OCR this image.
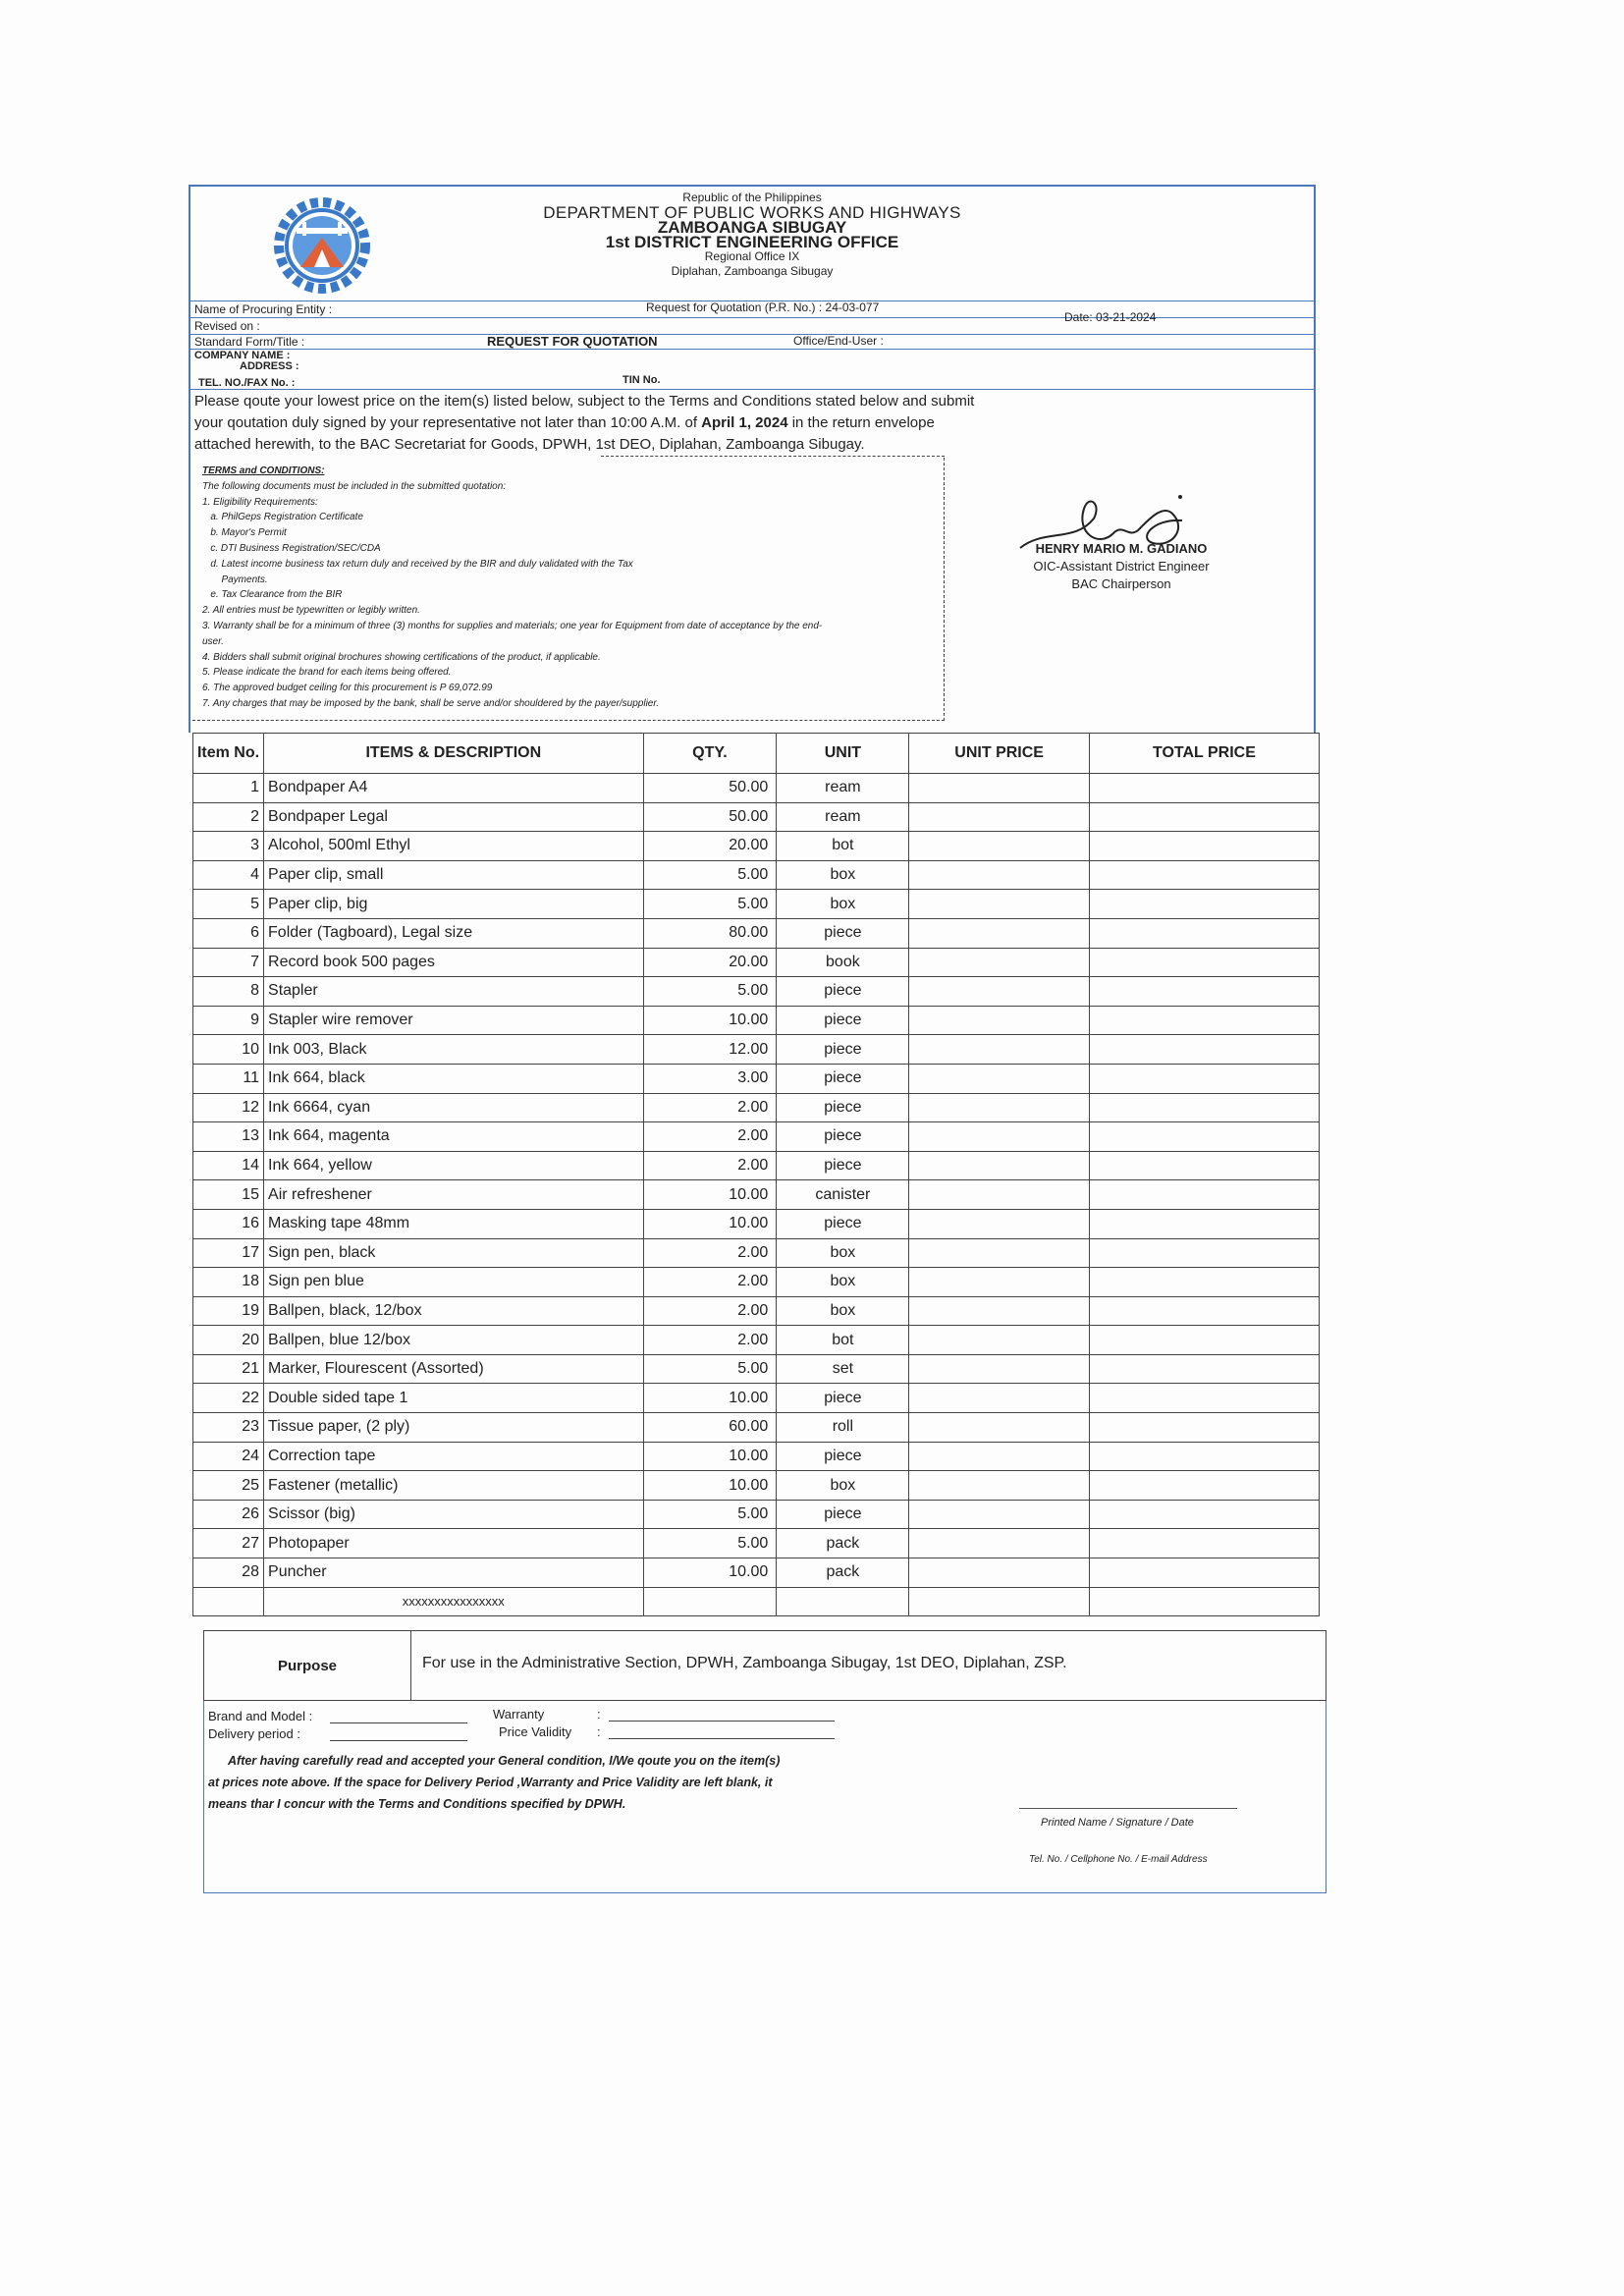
Republic of the Philippines
DEPARTMENT OF PUBLIC WORKS AND HIGHWAYS
ZAMBOANGA SIBUGAY
1st DISTRICT ENGINEERING OFFICE
Regional Office IX
Diplahan, Zamboanga Sibugay
Name of Procuring Entity :	Request for Quotation (P.R. No.) : 24-03-077
Revised on :
Date: 03-21-2024
Standard Form/Title :	REQUEST FOR QUOTATION	Office/End-User :
COMPANY NAME :
ADDRESS :
TEL. NO./FAX No. :	TIN No.
Please qoute your lowest price on the item(s) listed below, subject to the Terms and Conditions stated below and submit
your qoutation duly signed by your representative not later than 10:00 A.M. of April 1, 2024 in the return envelope
attached herewith, to the BAC Secretariat for Goods, DPWH, 1st DEO, Diplahan, Zamboanga Sibugay.
TERMS and CONDITIONS:
The following documents must be included in the submitted quotation:
1. Eligibility Requirements:
a. PhilGeps Registration Certificate
b. Mayor's Permit
c. DTI Business Registration/SEC/CDA
d. Latest income business tax return duly and received by the BIR and duly validated with the Tax
Payments.
e. Tax Clearance from the BIR
2. All entries must be typewritten or legibly written.
3. Warranty shall be for a minimum of three (3) months for supplies and materials; one year for Equipment from date of acceptance by the end-
user.
4. Bidders shall submit original brochures showing certifications of the product, if applicable.
5. Please indicate the brand for each items being offered.
6. The approved budget ceiling for this procurement is P 69,072.99
7. Any charges that may be imposed by the bank, shall be serve and/or shouldered by the payer/supplier.
HENRY MARIO M. GADIANO
OIC-Assistant District Engineer
BAC Chairperson
Item No.	ITEMS & DESCRIPTION	QTY.	UNIT	UNIT PRICE	TOTAL PRICE
1	Bondpaper A4	50.00	ream		
2	Bondpaper Legal	50.00	ream		
3	Alcohol, 500ml Ethyl	20.00	bot		
4	Paper clip, small	5.00	box		
5	Paper clip, big	5.00	box		
6	Folder (Tagboard), Legal size	80.00	piece		
7	Record book 500 pages	20.00	book		
8	Stapler	5.00	piece		
9	Stapler wire remover	10.00	piece		
10	Ink 003, Black	12.00	piece		
11	Ink 664, black	3.00	piece		
12	Ink 6664, cyan	2.00	piece		
13	Ink 664, magenta	2.00	piece		
14	Ink 664, yellow	2.00	piece		
15	Air refreshener	10.00	canister		
16	Masking tape 48mm	10.00	piece		
17	Sign pen, black	2.00	box		
18	Sign pen blue	2.00	box		
19	Ballpen, black, 12/box	2.00	box		
20	Ballpen, blue 12/box	2.00	bot		
21	Marker, Flourescent (Assorted)	5.00	set		
22	Double sided tape 1	10.00	piece		
23	Tissue paper, (2 ply)	60.00	roll		
24	Correction tape	10.00	piece		
25	Fastener (metallic)	10.00	box		
26	Scissor (big)	5.00	piece		
27	Photopaper	5.00	pack		
28	Puncher	10.00	pack		
	xxxxxxxxxxxxxxxx				
Purpose	For use in the Administrative Section, DPWH, Zamboanga Sibugay, 1st DEO, Diplahan, ZSP.
Brand and Model :
Delivery period :
Warranty	:
Price Validity :
After having carefully read and accepted your General condition, I/We qoute you on the item(s)
at prices note above. If the space for Delivery Period ,Warranty and Price Validity are left blank, it
means thar I concur with the Terms and Conditions specified by DPWH.
Printed Name / Signature / Date
Tel. No. / Cellphone No. / E-mail Address
